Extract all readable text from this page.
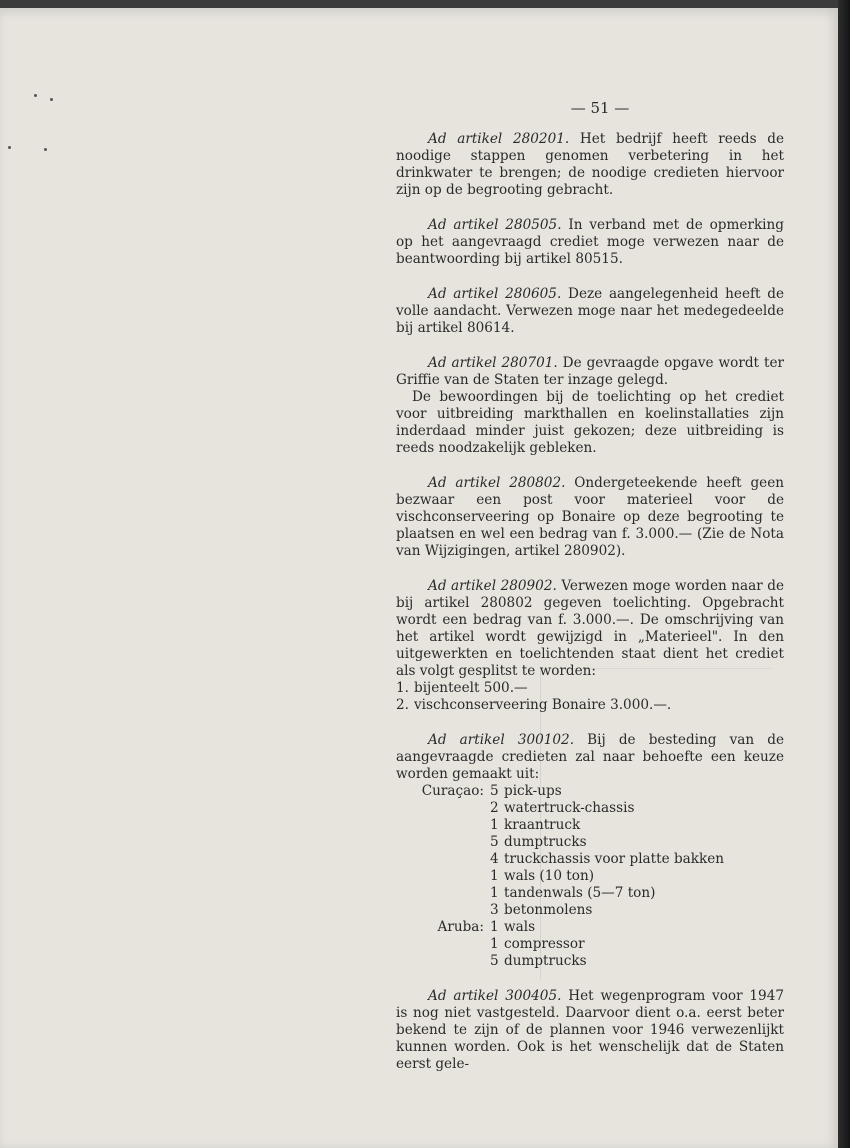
— 51 —

Ad artikel 280201. Het bedrijf heeft reeds de noodige stappen genomen verbetering in het drinkwater te brengen; de noodige credieten hiervoor zijn op de begrooting gebracht.

Ad artikel 280505. In verband met de opmerking op het aangevraagd crediet moge verwezen naar de beantwoording bij artikel 80515.

Ad artikel 280605. Deze aangelegenheid heeft de volle aandacht. Verwezen moge naar het medegedeelde bij artikel 80614.

Ad artikel 280701. De gevraagde opgave wordt ter Griffie van de Staten ter inzage gelegd.

De bewoordingen bij de toelichting op het crediet voor uitbreiding markthallen en koelinstallaties zijn inderdaad minder juist gekozen; deze uitbreiding is reeds noodzakelijk gebleken.

Ad artikel 280802. Ondergeteekende heeft geen bezwaar een post voor materieel voor de vischconserveering op Bonaire op deze begrooting te plaatsen en wel een bedrag van f. 3.000.— (Zie de Nota van Wijzigingen, artikel 280902).

Ad artikel 280902. Verwezen moge worden naar de bij artikel 280802 gegeven toelichting. Opgebracht wordt een bedrag van f. 3.000.—. De omschrijving van het artikel wordt gewijzigd in „Materieel". In den uitgewerkten en toelichtenden staat dient het crediet als volgt gesplitst te worden:

1. bijenteelt 500.—
2. vischconserveering Bonaire 3.000.—.

Ad artikel 300102. Bij de besteding van de aangevraagde credieten zal naar behoefte een keuze worden gemaakt uit:

Curaçao: 5 pick-ups
2 watertruck-chassis
1 kraantruck
5 dumptrucks
4 truckchassis voor platte bakken
1 wals (10 ton)
1 tandenwals (5—7 ton)
3 betonmolens
Aruba: 1 wals
1 compressor
5 dumptrucks

Ad artikel 300405. Het wegenprogram voor 1947 is nog niet vastgesteld. Daarvoor dient o.a. eerst beter bekend te zijn of de plannen voor 1946 verwezenlijkt kunnen worden. Ook is het wenschelijk dat de Staten eerst gele-
